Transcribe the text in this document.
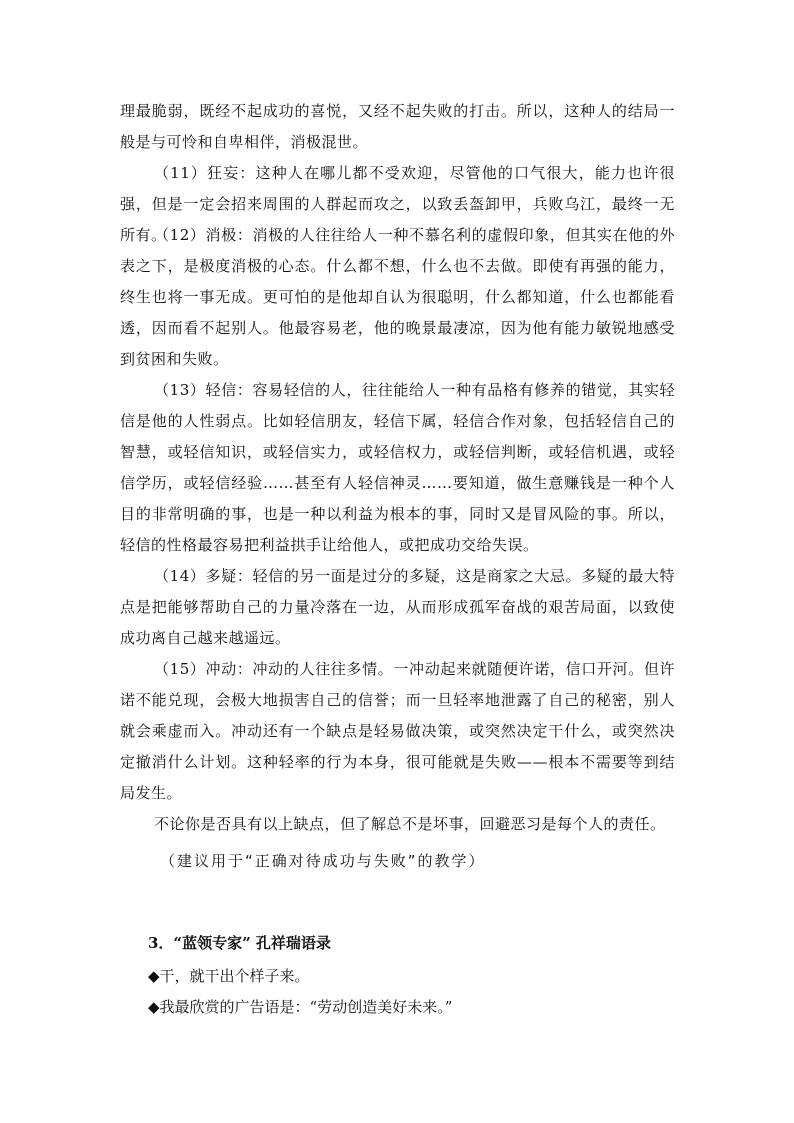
理最脆弱，既经不起成功的喜悦，又经不起失败的打击。所以，这种人的结局一般是与可怜和自卑相伴，消极混世。

（11）狂妄：这种人在哪儿都不受欢迎，尽管他的口气很大，能力也许很强，但是一定会招来周围的人群起而攻之，以致丢盔卸甲，兵败乌江，最终一无所有。

（12）消极：消极的人往往给人一种不慕名利的虚假印象，但其实在他的外表之下，是极度消极的心态。什么都不想，什么也不去做。即使有再强的能力，终生也将一事无成。更可怕的是他却自认为很聪明，什么都知道，什么也都能看透，因而看不起别人。他最容易老，他的晚景最凄凉，因为他有能力敏锐地感受到贫困和失败。

（13）轻信：容易轻信的人，往往能给人一种有品格有修养的错觉，其实轻信是他的人性弱点。比如轻信朋友，轻信下属，轻信合作对象，包括轻信自己的智慧，或轻信知识，或轻信实力，或轻信权力，或轻信判断，或轻信机遇，或轻信学历，或轻信经验……甚至有人轻信神灵……要知道，做生意赚钱是一种个人目的非常明确的事，也是一种以利益为根本的事，同时又是冒风险的事。所以，轻信的性格最容易把利益拱手让给他人，或把成功交给失误。

（14）多疑：轻信的另一面是过分的多疑，这是商家之大忌。多疑的最大特点是把能够帮助自己的力量冷落在一边，从而形成孤军奋战的艰苦局面，以致使成功离自己越来越遥远。

（15）冲动：冲动的人往往多情。一冲动起来就随便许诺，信口开河。但许诺不能兑现，会极大地损害自己的信誉；而一旦轻率地泄露了自己的秘密，别人就会乘虚而入。冲动还有一个缺点是轻易做决策，或突然决定干什么，或突然决定撤消什么计划。这种轻率的行为本身，很可能就是失败——根本不需要等到结局发生。

不论你是否具有以上缺点，但了解总不是坏事，回避恶习是每个人的责任。

（建议用于“正确对待成功与失败”的教学）
3．“蓝领专家” 孔祥瑞语录
◆干，就干出个样子来。
◆我最欣赏的广告语是：“劳动创造美好未来。”
